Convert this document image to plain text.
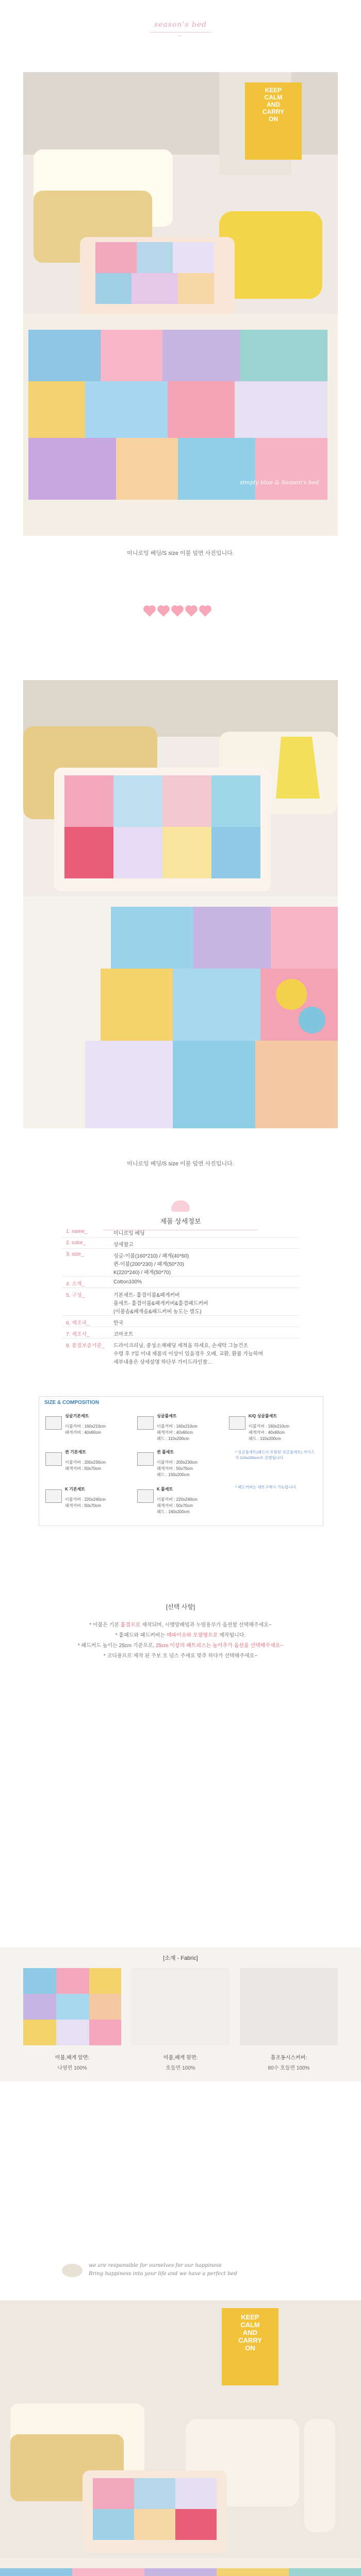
season's bed
—
simply blue & Season's bed
KEEP
CALM
AND
CARRY
ON
미니로잉 베딩/S size 이불 덮연 사진입니다.
미니로잉 베딩/S size 이불 덮연 사진입니다.
제품 상세정보
1. name_	미니로잉 베딩
2. color_	상세참고
3. size_	싱글-이불(160*210) / 패게(40*60)
퀸-이불(200*230) / 패게(50*70)
K(220*240) / 패게(50*70)
4. 소재_	Cotton100%
5. 구성_	기본세트- 홑겹이불&패게커버
풀세트- 홑겹이불&패게커버&홑겹패드커버
(이불솜&패게솜&패드커버 농도는 별도)
6. 제조국_	한국
7. 제조사_	코마조트
8. 품질보증기준_ 드라이크리닝, 중성소재패딩 세척을 하세요, 손세탁 그늘건조
수령 후 7일 이내 제품의 이상이 있을경우 오배, 교환, 환불 가능하며
세부내용은 상세설명 하단부 가이드라인참...
SIZE & COMPOSITION
싱글기본세트
이불커버 : 160x210cm
패게커버 : 40x60cm
싱글풀세트
이불커버 : 160x210cm
패게커버 : 40x60cm
패드 : 110x200cm
K/Q 싱글풀세트
이불커버 : 160x210cm
패게커버 : 40x60cm
패드 : 110x200cm
퀸 기본세트
이불커버 : 200x230cm
패게커버 : 50x70cm
퀸 풀세트
이불커버 : 200x230cm
패게커버 : 50x70cm
패드 : 150x200cm
K 기본세트
이불커버 : 220x240cm
패게커버 : 50x70cm
K 풀세트
이불커버 : 220x240cm
패게커버 : 50x70cm
패드 : 160x200cm
* 싱글풀세트(패드이 포함된 싱글풀세트) 사이즈가 110x200cm로 진행됩니다.
* 패드커버는 세트구매시 가능합니다.
[선택 사항]
* 이불은 기본 홑겹으로 제작되며, 시행양폐빙과 누빔용부가 옵션할 선택해주세요~
* 홑패드와 패드커버는 매파이슈와 오펄형으로 제작됩니다.
* 패드커드 높이는 25cm 기준으로, 25cm 이상의 패트리스는 높이추가 옵션을 선택해주세요~
* 코디용으로 제작 된 주보 오 넘스 주세요 맞추 하다가 선택해주세요~
[소재 - Fabric]
미불,패게 앞면:
나염면 100%
미불,패게 뒷면:
호들면 100%
흡조동시스커버:
80수 호들면 100%
we are responsible for ourselves for our happiness
Bring happiness into your life and we have a perfect bed
KEEP
CALM
AND
CARRY
ON
